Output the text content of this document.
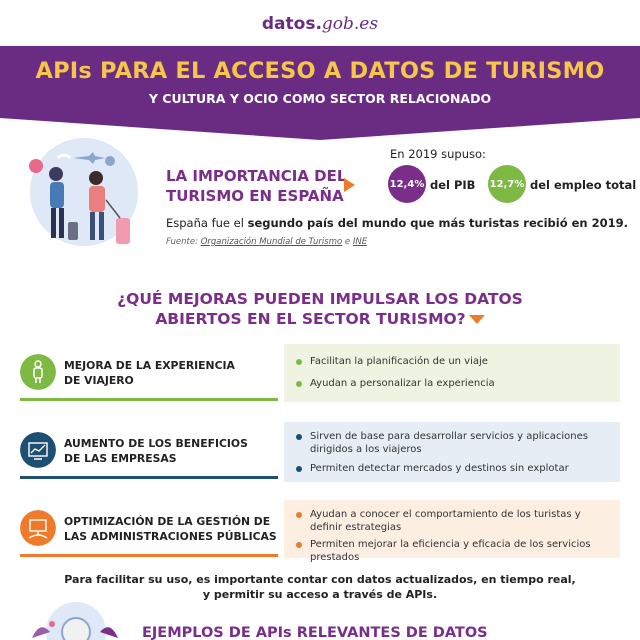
datos.gob.es
APIs PARA EL ACCESO A DATOS DE TURISMO
Y CULTURA Y OCIO COMO SECTOR RELACIONADO
LA IMPORTANCIA DEL
TURISMO EN ESPAÑA
En 2019 supuso:
12,4% del PIB 12,7% del empleo total
España fue el segundo país del mundo que más turistas recibió en 2019.
Fuente: Organización Mundial de Turismo e INE
¿QUÉ MEJORAS PUEDEN IMPULSAR LOS DATOS
ABIERTOS EN EL SECTOR TURISMO?
MEJORA DE LA EXPERIENCIA
DE VIAJERO
Facilitan la planificación de un viaje
Ayudan a personalizar la experiencia
AUMENTO DE LOS BENEFICIOS
DE LAS EMPRESAS
Sirven de base para desarrollar servicios y aplicaciones dirigidos a los viajeros
Permiten detectar mercados y destinos sin explotar
OPTIMIZACIÓN DE LA GESTIÓN DE
LAS ADMINISTRACIONES PÚBLICAS
Ayudan a conocer el comportamiento de los turistas y definir estrategias
Permiten mejorar la eficiencia y eficacia de los servicios prestados
Para facilitar su uso, es importante contar con datos actualizados, en tiempo real,
y permitir su acceso a través de APIs.
EJEMPLOS DE APIs RELEVANTES DE DATOS
